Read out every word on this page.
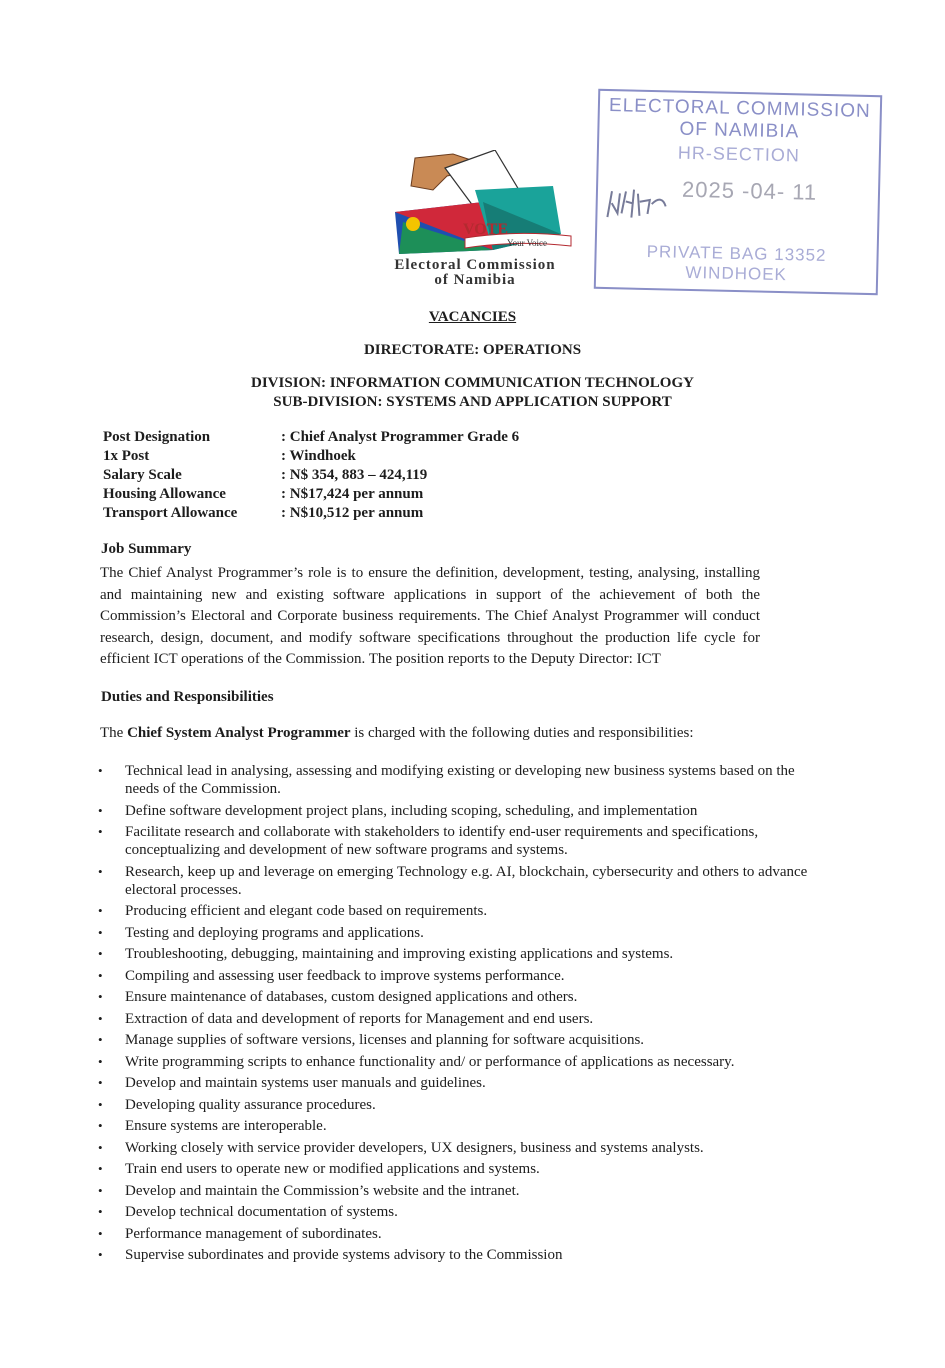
VOTE
Your Voice
Electoral Commission
of Namibia
ELECTORAL COMMISSION
OF NAMIBIA
HR-SECTION
2025 -04- 11
PRIVATE BAG 13352
WINDHOEK
VACANCIES
DIRECTORATE: OPERATIONS
DIVISION: INFORMATION COMMUNICATION TECHNOLOGY
SUB-DIVISION: SYSTEMS AND APPLICATION SUPPORT
Post Designation	: Chief Analyst Programmer Grade 6
1x Post	: Windhoek
Salary Scale	: N$ 354, 883 – 424,119
Housing Allowance	: N$17,424 per annum
Transport Allowance	: N$10,512 per annum
Job Summary
The Chief Analyst Programmer’s role is to ensure the definition, development, testing, analysing, installing and maintaining new and existing software applications in support of the achievement of both the Commission’s Electoral and Corporate business requirements. The Chief Analyst Programmer will conduct research, design, document, and modify software specifications throughout the production life cycle for efficient ICT operations of the Commission. The position reports to the Deputy Director: ICT
Duties and Responsibilities
The Chief System Analyst Programmer is charged with the following duties and responsibilities:
• Technical lead in analysing, assessing and modifying existing or developing new business systems based on the needs of the Commission.
• Define software development project plans, including scoping, scheduling, and implementation
• Facilitate research and collaborate with stakeholders to identify end-user requirements and specifications, conceptualizing and development of new software programs and systems.
• Research, keep up and leverage on emerging Technology e.g. AI, blockchain, cybersecurity and others to advance electoral processes.
• Producing efficient and elegant code based on requirements.
• Testing and deploying programs and applications.
• Troubleshooting, debugging, maintaining and improving existing applications and systems.
• Compiling and assessing user feedback to improve systems performance.
• Ensure maintenance of databases, custom designed applications and others.
• Extraction of data and development of reports for Management and end users.
• Manage supplies of software versions, licenses and planning for software acquisitions.
• Write programming scripts to enhance functionality and/ or performance of applications as necessary.
• Develop and maintain systems user manuals and guidelines.
• Developing quality assurance procedures.
• Ensure systems are interoperable.
• Working closely with service provider developers, UX designers, business and systems analysts.
• Train end users to operate new or modified applications and systems.
• Develop and maintain the Commission’s website and the intranet.
• Develop technical documentation of systems.
• Performance management of subordinates.
• Supervise subordinates and provide systems advisory to the Commission
